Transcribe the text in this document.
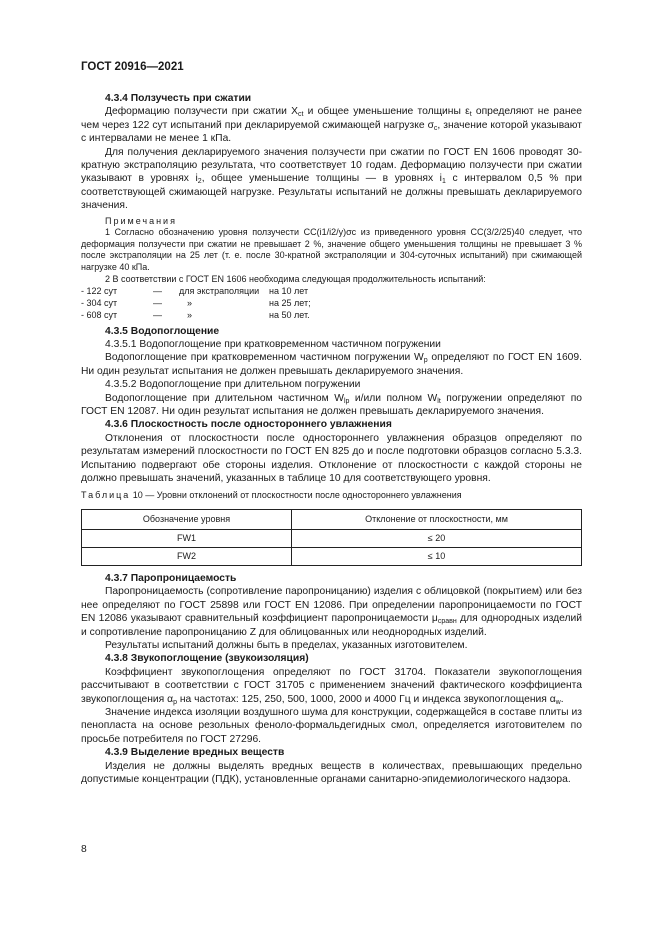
ГОСТ 20916—2021

4.3.4 Ползучесть при сжатии

Деформацию ползучести при сжатии $X_{ct}$ и общее уменьшение толщины $\varepsilon_t$ определяют не ранее чем через 122 сут испытаний при декларируемой сжимающей нагрузке $\sigma_c$, значение которой указывают с интервалами не менее 1 кПа.

Для получения декларируемого значения ползучести при сжатии по ГОСТ EN 1606 проводят 30-кратную экстраполяцию результата, что соответствует 10 годам. Деформацию ползучести при сжатии указывают в уровнях $i_2$, общее уменьшение толщины — в уровнях $i_1$ с интервалом 0,5 % при соответствующей сжимающей нагрузке. Результаты испытаний не должны превышать декларируемого значения.

Примечания

1 Согласно обозначению уровня ползучести CC(i1/i2/y)σc из приведенного уровня CC(3/2/25)40 следует, что деформация ползучести при сжатии не превышает 2 %, значение общего уменьшения толщины не превышает 3 % после экстраполяции на 25 лет (т. е. после 30-кратной экстраполяции и 304-суточных испытаний) при сжимающей нагрузке 40 кПа.

2 В соответствии с ГОСТ EN 1606 необходима следующая продолжительность испытаний:

- 122 сут	—	для экстраполяции	на 10 лет
- 304 сут	—	»	на 25 лет;
- 608 сут	—	»	на 50 лет.

4.3.5 Водопоглощение

4.3.5.1 Водопоглощение при кратковременном частичном погружении

Водопоглощение при кратковременном частичном погружении $W_p$ определяют по ГОСТ EN 1609. Ни один результат испытания не должен превышать декларируемого значения.

4.3.5.2 Водопоглощение при длительном погружении

Водопоглощение при длительном частичном $W_{lp}$ и/или полном $W_{lt}$ погружении определяют по ГОСТ EN 12087. Ни один результат испытания не должен превышать декларируемого значения.

4.3.6 Плоскостность после одностороннего увлажнения

Отклонения от плоскостности после одностороннего увлажнения образцов определяют по результатам измерений плоскостности по ГОСТ EN 825 до и после подготовки образцов согласно 5.3.3. Испытанию подвергают обе стороны изделия. Отклонение от плоскостности с каждой стороны не должно превышать значений, указанных в таблице 10 для соответствующего уровня.

Таблица 10 — Уровни отклонений от плоскостности после одностороннего увлажнения

Обозначение уровня	Отклонение от плоскостности, мм
FW1	≤ 20
FW2	≤ 10

4.3.7 Паропроницаемость

Паропроницаемость (сопротивление паропроницанию) изделия с облицовкой (покрытием) или без нее определяют по ГОСТ 25898 или ГОСТ EN 12086. При определении паропроницаемости по ГОСТ EN 12086 указывают сравнительный коэффициент паропроницаемости $\mu_{сравн}$ для однородных изделий и сопротивление паропроницанию Z для облицованных или неоднородных изделий.

Результаты испытаний должны быть в пределах, указанных изготовителем.

4.3.8 Звукопоглощение (звукоизоляция)

Коэффициент звукопоглощения определяют по ГОСТ 31704. Показатели звукопоглощения рассчитывают в соответствии с ГОСТ 31705 с применением значений фактического коэффициента звукопоглощения $\alpha_p$ на частотах: 125, 250, 500, 1000, 2000 и 4000 Гц и индекса звукопоглощения $\alpha_w$.

Значение индекса изоляции воздушного шума для конструкции, содержащейся в составе плиты из пенопласта на основе резольных феноло-формальдегидных смол, определяется изготовителем по просьбе потребителя по ГОСТ 27296.

4.3.9 Выделение вредных веществ

Изделия не должны выделять вредных веществ в количествах, превышающих предельно допустимые концентрации (ПДК), установленные органами санитарно-эпидемиологического надзора.

8
